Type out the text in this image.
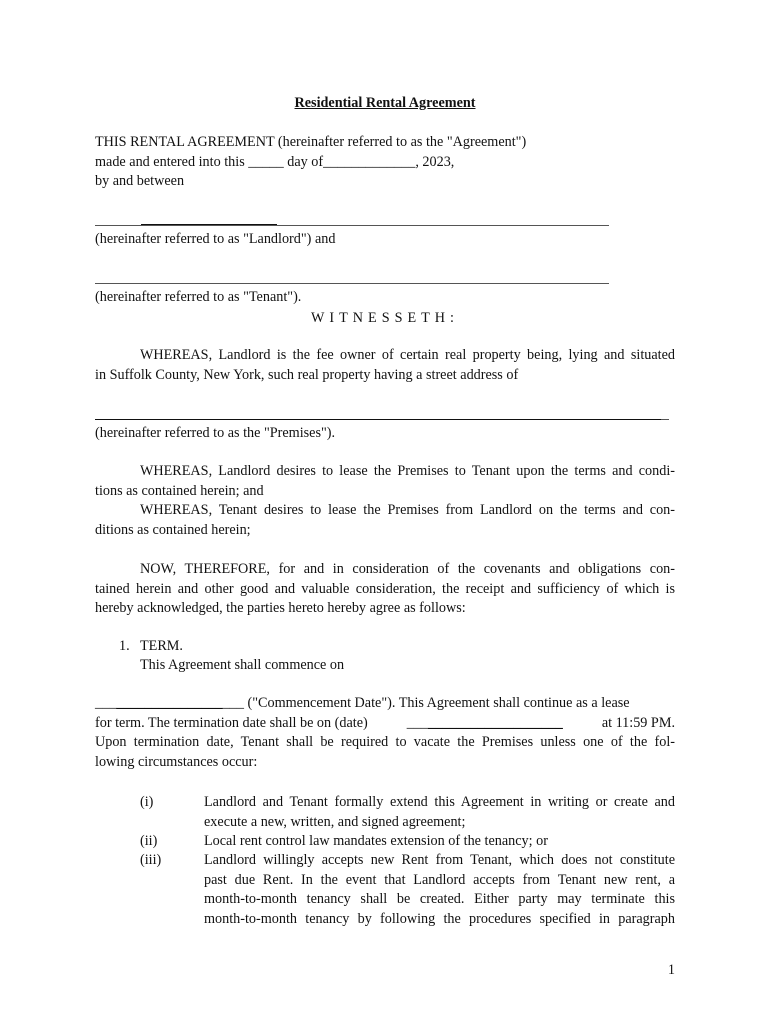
Residential Rental Agreement
THIS RENTAL AGREEMENT (hereinafter referred to as the "Agreement")
made and entered into this _____ day of_____________, 2023,
by and between
(hereinafter referred to as "Landlord") and
(hereinafter referred to as "Tenant").
WITNESSETH:
WHEREAS, Landlord is the fee owner of certain real property being, lying and situated
in Suffolk County, New York, such real property having a street address of
(hereinafter referred to as the "Premises").
WHEREAS, Landlord desires to lease the Premises to Tenant upon the terms and condi-
tions as contained herein; and
WHEREAS, Tenant desires to lease the Premises from Landlord on the terms and con-
ditions as contained herein;
NOW, THEREFORE, for and in consideration of the covenants and obligations con-
tained herein and other good and valuable consideration, the receipt and sufficiency of which is
hereby acknowledged, the parties hereto hereby agree as follows:
1. TERM.
This Agreement shall commence on
_____________________ ("Commencement Date"). This Agreement shall continue as a lease
for term. The termination date shall be on (date)	______________________	at 11:59 PM.
Upon termination date, Tenant shall be required to vacate the Premises unless one of the fol-
lowing circumstances occur:
(i)	Landlord and Tenant formally extend this Agreement in writing or create and
execute a new, written, and signed agreement;
(ii)	Local rent control law mandates extension of the tenancy; or
(iii)	Landlord willingly accepts new Rent from Tenant, which does not constitute
past due Rent. In the event that Landlord accepts from Tenant new rent, a
month-to-month tenancy shall be created. Either party may terminate this
month-to-month tenancy by following the procedures specified in paragraph
1
